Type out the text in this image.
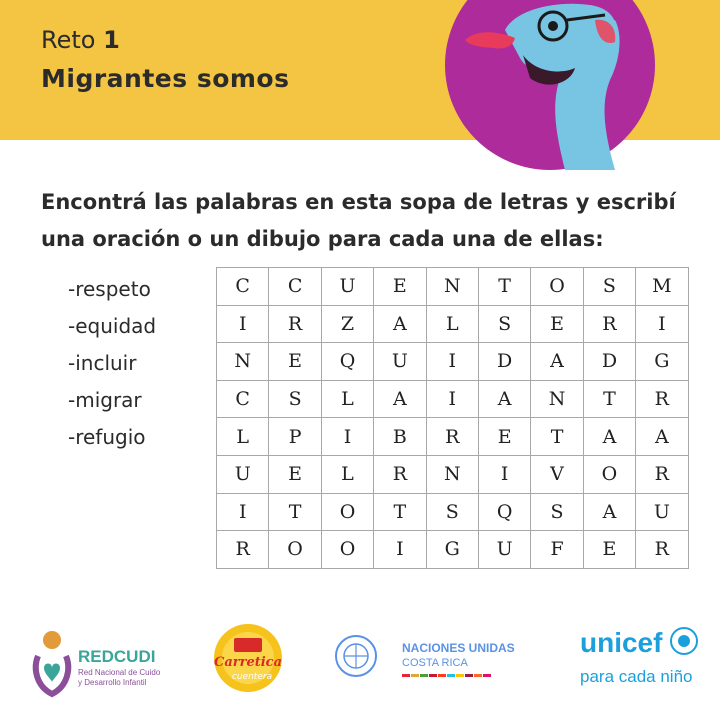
Reto 1
Migrantes somos
Encontrá las palabras en esta sopa de letras y escribí una oración o un dibujo para cada una de ellas:
-respeto
-equidad
-incluir
-migrar
-refugio
C	C	U	E	N	T	O	S	M
I	R	Z	A	L	S	E	R	I
N	E	Q	U	I	D	A	D	G
C	S	L	A	I	A	N	T	R
L	P	I	B	R	E	T	A	A
U	E	L	R	N	I	V	O	R
I	T	O	T	S	Q	S	A	U
R	O	O	I	G	U	F	E	R
REDCUDI
Red Nacional de Cuido
y Desarrollo Infantil
Carretica
cuentera
NACIONES UNIDAS
COSTA RICA
unicef
para cada niño
